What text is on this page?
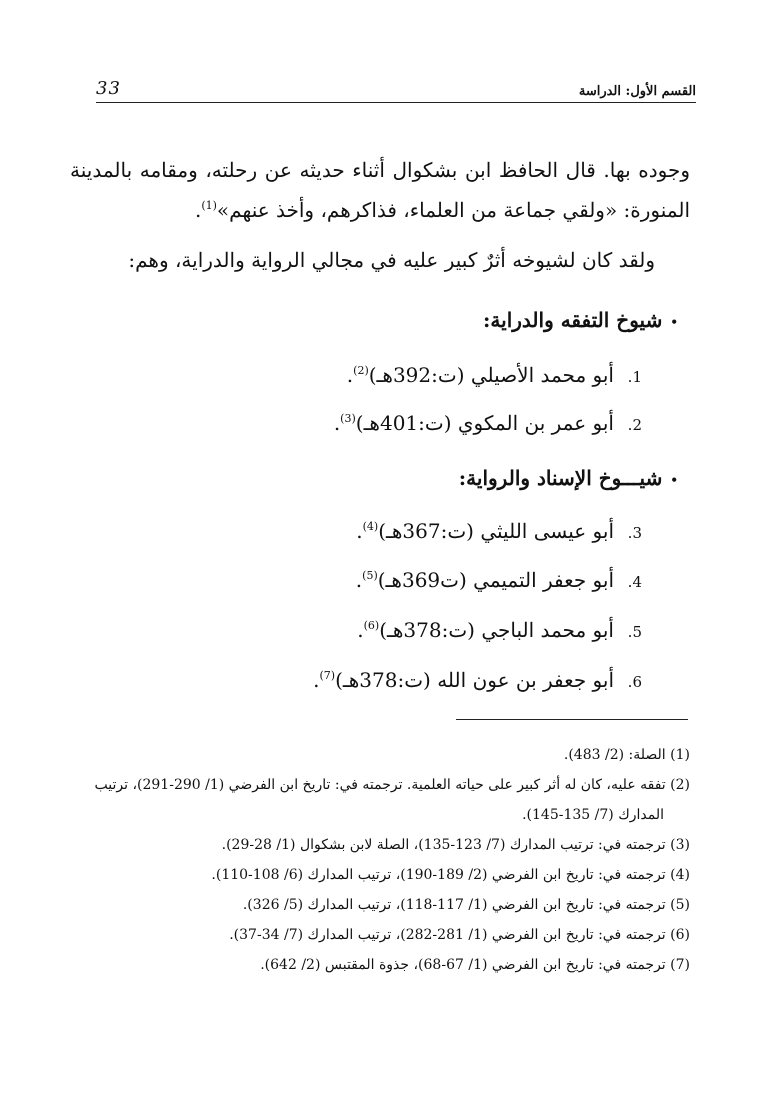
33	القسم الأول: الدراسة
وجوده بها. قال الحافظ ابن بشكوال أثناء حديثه عن رحلته، ومقامه بالمدينة المنورة: «ولقي جماعة من العلماء، فذاكرهم، وأخذ عنهم»$^{(1)}$.
ولقد كان لشيوخه أثرٌ كبير عليه في مجالي الرواية والدراية، وهم:
•شيوخ التفقه والدراية:
1.أبو محمد الأصيلي (ت:392هـ)$^{(2)}$.
2.أبو عمر بن المكوي (ت:401هـ)$^{(3)}$.
•شيـــوخ الإسناد والرواية:
3.أبو عيسى الليثي (ت:367هـ)$^{(4)}$.
4.أبو جعفر التميمي (ت369هـ)$^{(5)}$.
5.أبو محمد الباجي (ت:378هـ)$^{(6)}$.
6.أبو جعفر بن عون الله (ت:378هـ)$^{(7)}$.

(1) الصلة: (2/ 483).

(2) تفقه عليه، كان له أثر كبير على حياته العلمية. ترجمته في: تاريخ ابن الفرضي (1/ 290-291)، ترتيب

المدارك (7/ 135-145).

(3) ترجمته في: ترتيب المدارك (7/ 123-135)، الصلة لابن بشكوال (1/ 28-29).

(4) ترجمته في: تاريخ ابن الفرضي (2/ 189-190)، ترتيب المدارك (6/ 108-110).

(5) ترجمته في: تاريخ ابن الفرضي (1/ 117-118)، ترتيب المدارك (5/ 326).

(6) ترجمته في: تاريخ ابن الفرضي (1/ 281-282)، ترتيب المدارك (7/ 34-37).

(7) ترجمته في: تاريخ ابن الفرضي (1/ 67-68)، جذوة المقتبس (2/ 642).
